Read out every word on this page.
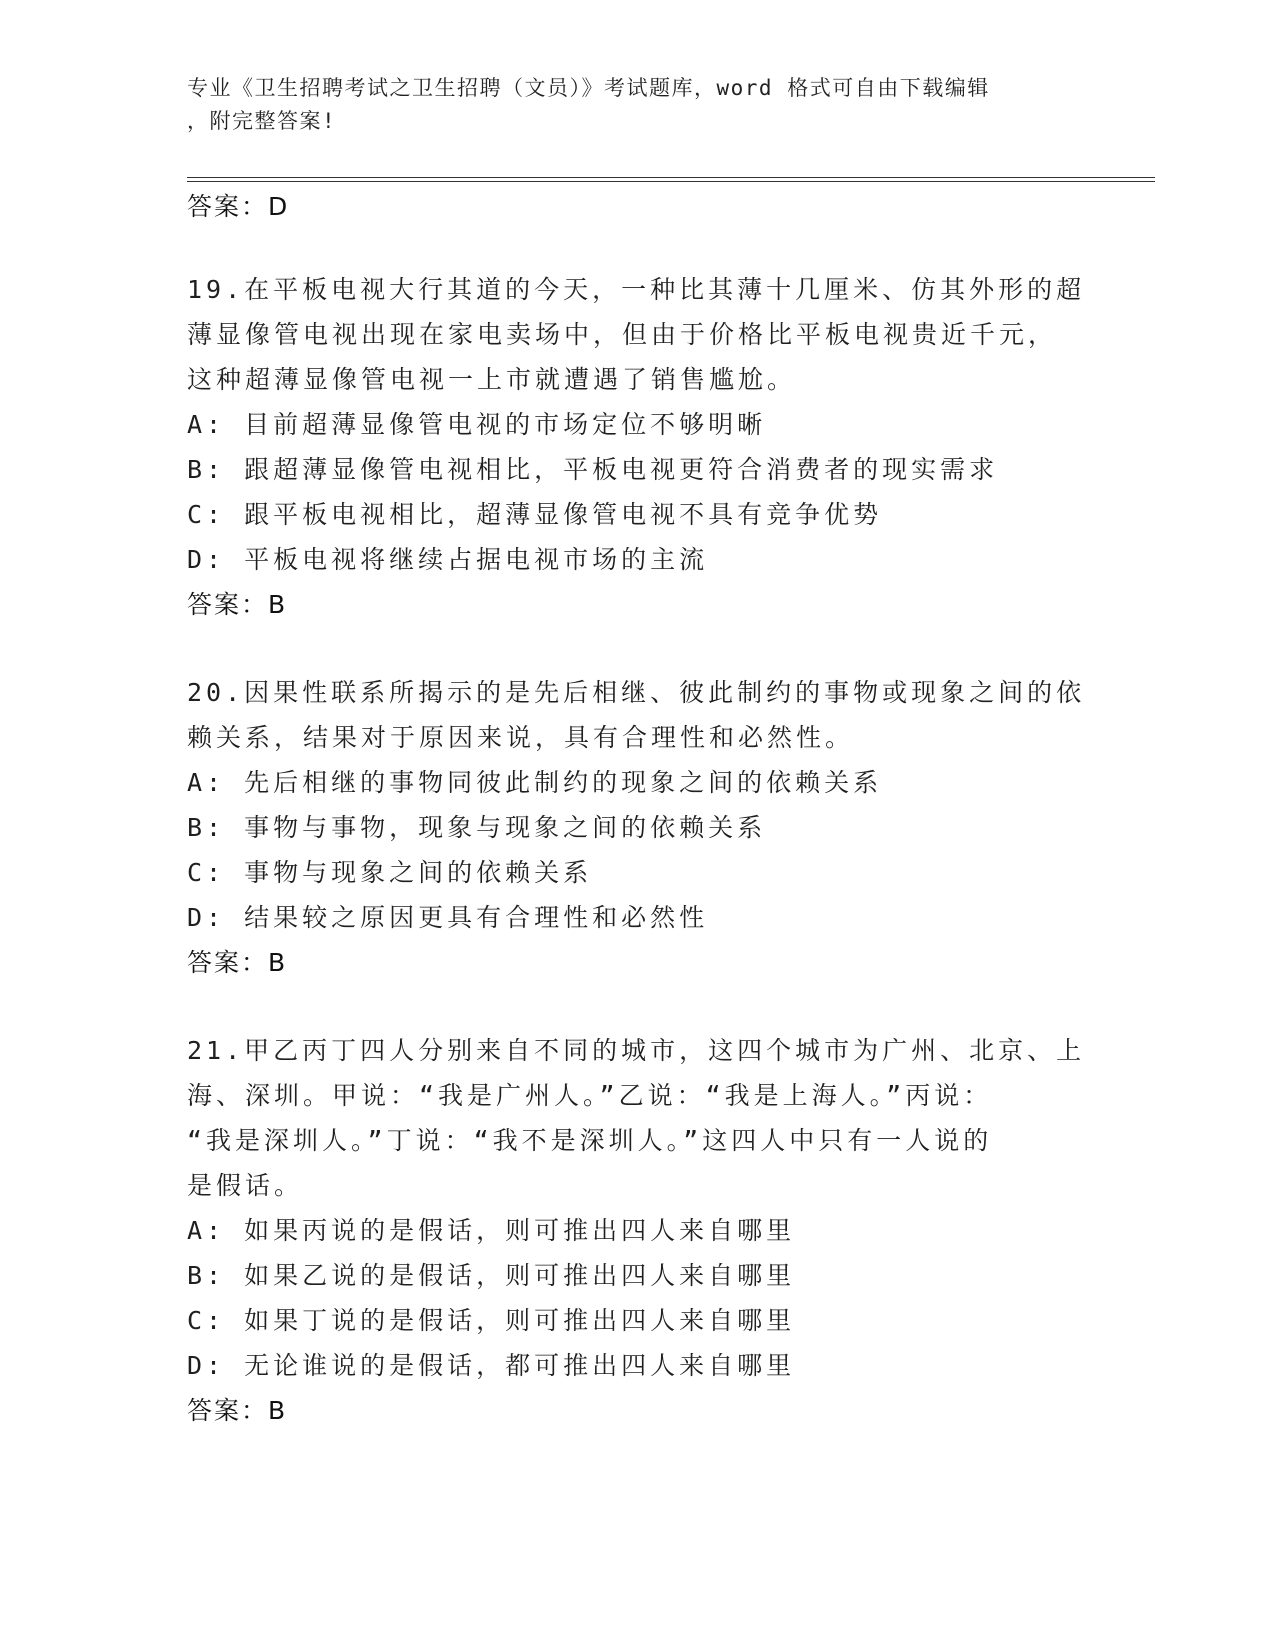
专业《卫生招聘考试之卫生招聘（文员）》考试题库，word 格式可自由下载编辑
，附完整答案!
答案：D
19.在平板电视大行其道的今天，一种比其薄十几厘米、仿其外形的超
薄显像管电视出现在家电卖场中，但由于价格比平板电视贵近千元，
这种超薄显像管电视一上市就遭遇了销售尴尬。
A: 目前超薄显像管电视的市场定位不够明晰
B: 跟超薄显像管电视相比，平板电视更符合消费者的现实需求
C: 跟平板电视相比，超薄显像管电视不具有竞争优势
D: 平板电视将继续占据电视市场的主流
答案：B
20.因果性联系所揭示的是先后相继、彼此制约的事物或现象之间的依
赖关系，结果对于原因来说，具有合理性和必然性。
A: 先后相继的事物同彼此制约的现象之间的依赖关系
B: 事物与事物，现象与现象之间的依赖关系
C: 事物与现象之间的依赖关系
D: 结果较之原因更具有合理性和必然性
答案：B
21.甲乙丙丁四人分别来自不同的城市，这四个城市为广州、北京、上
海、深圳。甲说：“我是广州人。”乙说：“我是上海人。”丙说：
“我是深圳人。”丁说：“我不是深圳人。”这四人中只有一人说的
是假话。
A: 如果丙说的是假话，则可推出四人来自哪里
B: 如果乙说的是假话，则可推出四人来自哪里
C: 如果丁说的是假话，则可推出四人来自哪里
D: 无论谁说的是假话，都可推出四人来自哪里
答案：B
